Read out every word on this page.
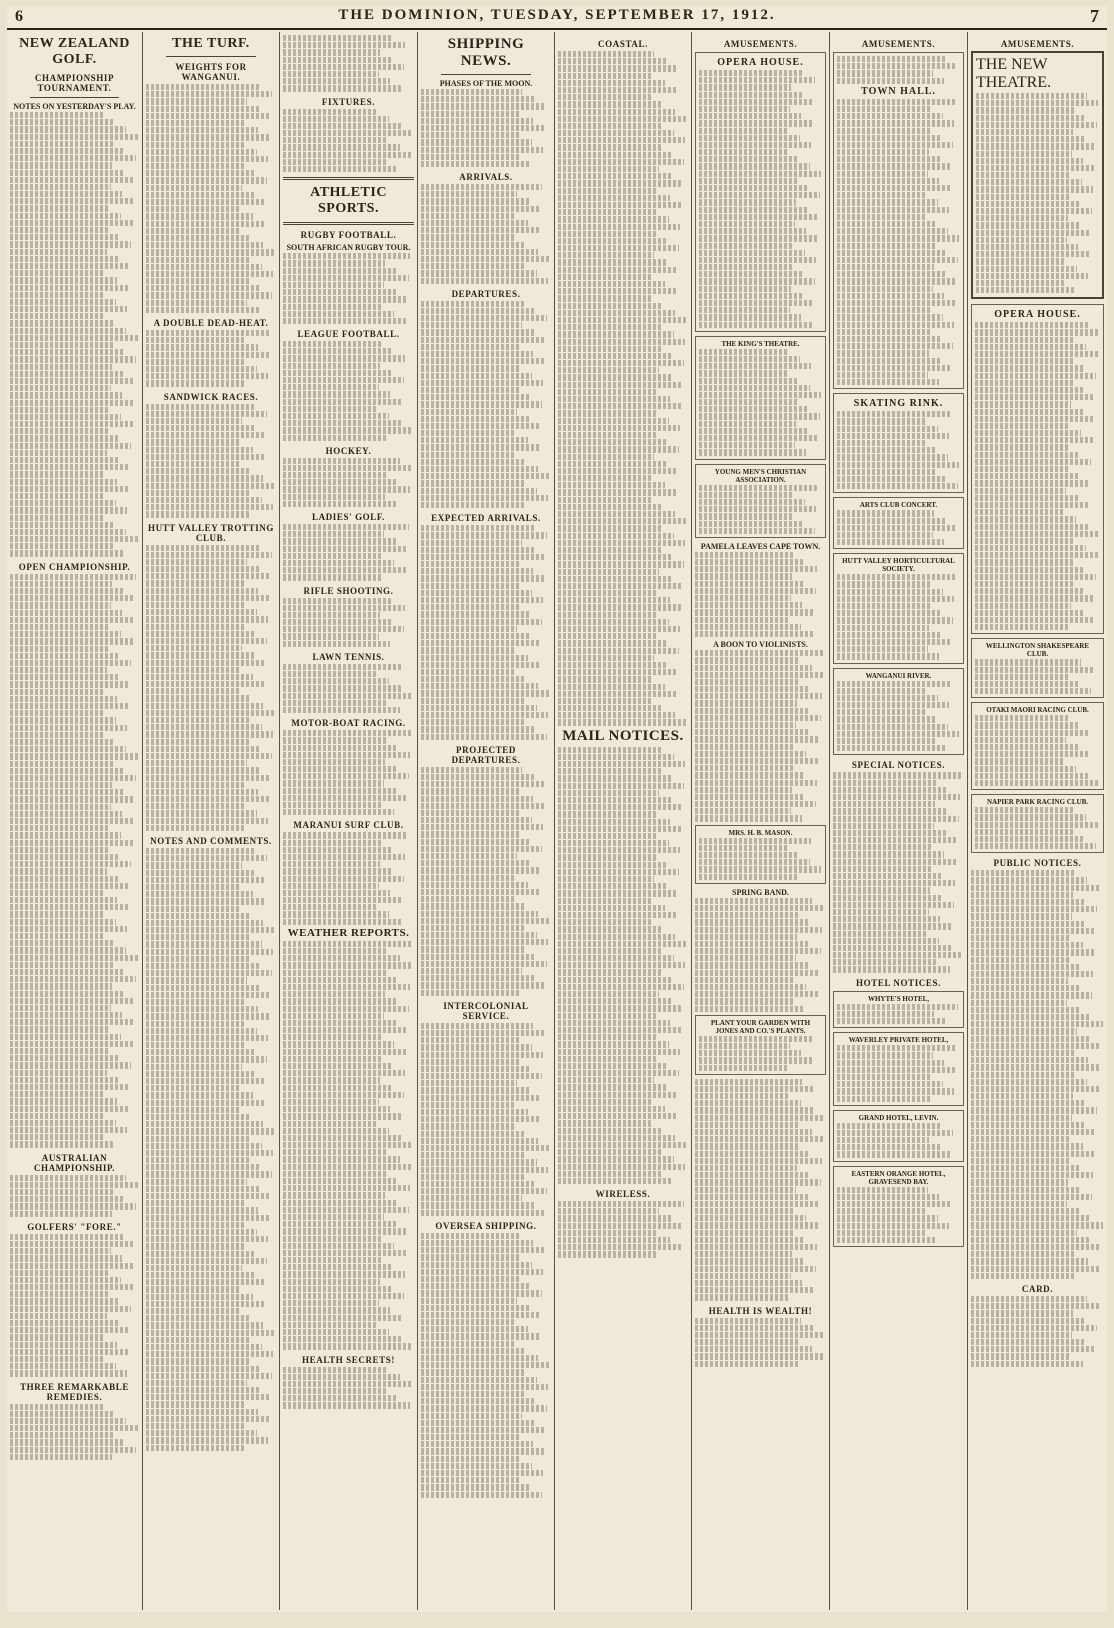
6	THE DOMINION, TUESDAY, SEPTEMBER 17, 1912.	7
NEW ZEALAND GOLF.
CHAMPIONSHIP TOURNAMENT.
NOTES ON YESTERDAY'S PLAY.
OPEN CHAMPIONSHIP.
AUSTRALIAN CHAMPIONSHIP.
GOLFERS' "FORE."
THREE REMARKABLE REMEDIES.
THE TURF.
WEIGHTS FOR WANGANUI.
A DOUBLE DEAD-HEAT.
SANDWICK RACES.
HUTT VALLEY TROTTING CLUB.
NOTES AND COMMENTS.
FIXTURES.
ATHLETIC SPORTS.
RUGBY FOOTBALL.
SOUTH AFRICAN RUGBY TOUR.
LEAGUE FOOTBALL.
HOCKEY.
LADIES' GOLF.
RIFLE SHOOTING.
LAWN TENNIS.
MOTOR-BOAT RACING.
MARANUI SURF CLUB.
WEATHER REPORTS.
HEALTH SECRETS!
SHIPPING NEWS.
PHASES OF THE MOON.
ARRIVALS.
DEPARTURES.
EXPECTED ARRIVALS.
PROJECTED DEPARTURES.
INTERCOLONIAL SERVICE.
OVERSEA SHIPPING.
COASTAL.
MAIL NOTICES.
WIRELESS.
AMUSEMENTS.
OPERA HOUSE.
THE KING'S THEATRE.
YOUNG MEN'S CHRISTIAN ASSOCIATION.
PAMELA LEAVES CAPE TOWN.
A BOON TO VIOLINISTS.
MRS. H. B. MASON.
SPRING BAND.
PLANT YOUR GARDEN WITH JONES AND CO.'S PLANTS.
HEALTH IS WEALTH!
AMUSEMENTS.
TOWN HALL.
SKATING RINK.
ARTS CLUB CONCERT.
HUTT VALLEY HORTICULTURAL SOCIETY.
WANGANUI RIVER.
SPECIAL NOTICES.
HOTEL NOTICES.
WHYTE'S HOTEL,
WAVERLEY PRIVATE HOTEL,
GRAND HOTEL, LEVIN.
EASTERN ORANGE HOTEL, GRAVESEND BAY.
AMUSEMENTS.
THE NEW THEATRE.
OPERA HOUSE.
WELLINGTON SHAKESPEARE CLUB.
OTAKI MAORI RACING CLUB.
NAPIER PARK RACING CLUB.
PUBLIC NOTICES.
CARD.
